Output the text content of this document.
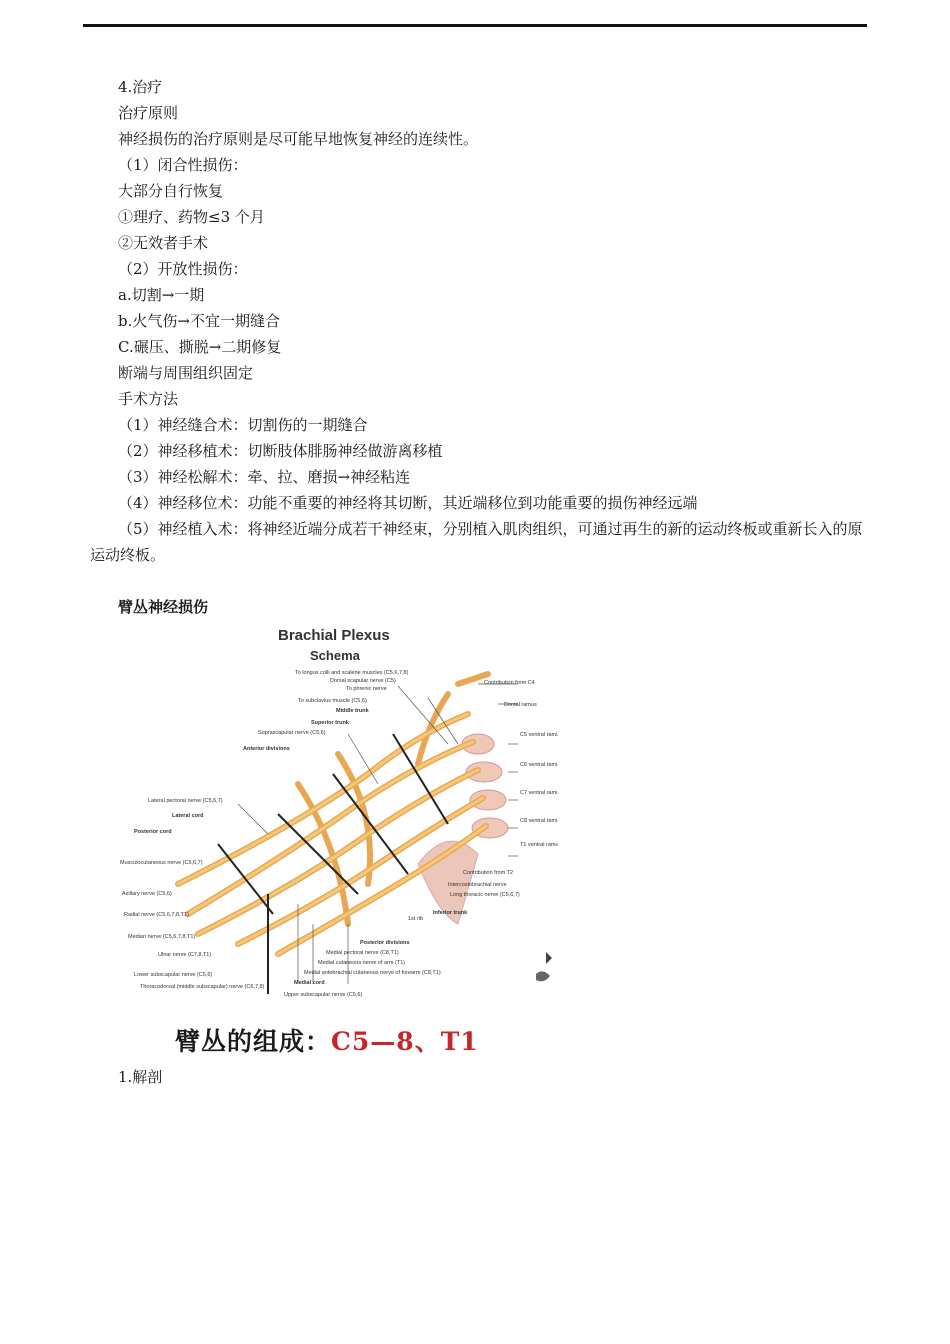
4.治疗
治疗原则
神经损伤的治疗原则是尽可能早地恢复神经的连续性。
（1）闭合性损伤：
大部分自行恢复
①理疗、药物≤3 个月
②无效者手术
（2）开放性损伤：
a.切割→一期
b.火气伤→不宜一期缝合
C.碾压、撕脱→二期修复
断端与周围组织固定
手术方法
（1）神经缝合术：切割伤的一期缝合
（2）神经移植术：切断肢体腓肠神经做游离移植
（3）神经松解术：牵、拉、磨损→神经粘连
（4）神经移位术：功能不重要的神经将其切断，其近端移位到功能重要的损伤神经远端
（5）神经植入术：将神经近端分成若干神经束，分别植入肌肉组织，可通过再生的新的运动终板或重新长入的原运动终板。
臂丛神经损伤
Brachial Plexus
Schema
To longus colli and scalene muscles (C5,6,7,8)
Dorsal scapular nerve (C5)
To phrenic nerve
To subclavius muscle (C5,6)
Middle trunk
Superior trunk
Suprascapular nerve (C5,6)
Anterior divisions
Lateral pectoral nerve (C5,6,7)
Lateral cord
Posterior cord
Musculocutaneous nerve (C5,6,7)
Axillary nerve (C5,6)
Radial nerve (C5,6,7,8,T1)
Median nerve (C5,6,7,8,T1)
Ulnar nerve (C7,8,T1)
Lower subscapular nerve (C5,6)
Thoracodorsal (middle subscapular) nerve (C6,7,8)
Contribution from C4
Dorsal ramus
C5 ventral ramus
C6 ventral ramus
C7 ventral ramus
C8 ventral ramus
T1 ventral ramus
Contribution from T2
Intercostobrachial nerve
Long thoracic nerve (C5,6,7)
1st rib
Inferior trunk
Posterior divisions
Medial pectoral nerve (C8,T1)
Medial cutaneous nerve of arm (T1)
Medial antebrachial cutaneous nerve of forearm (C8,T1)
Medial cord
Upper subscapular nerve (C5,6)
臂丛的组成：C5—8、T1
1.解剖
